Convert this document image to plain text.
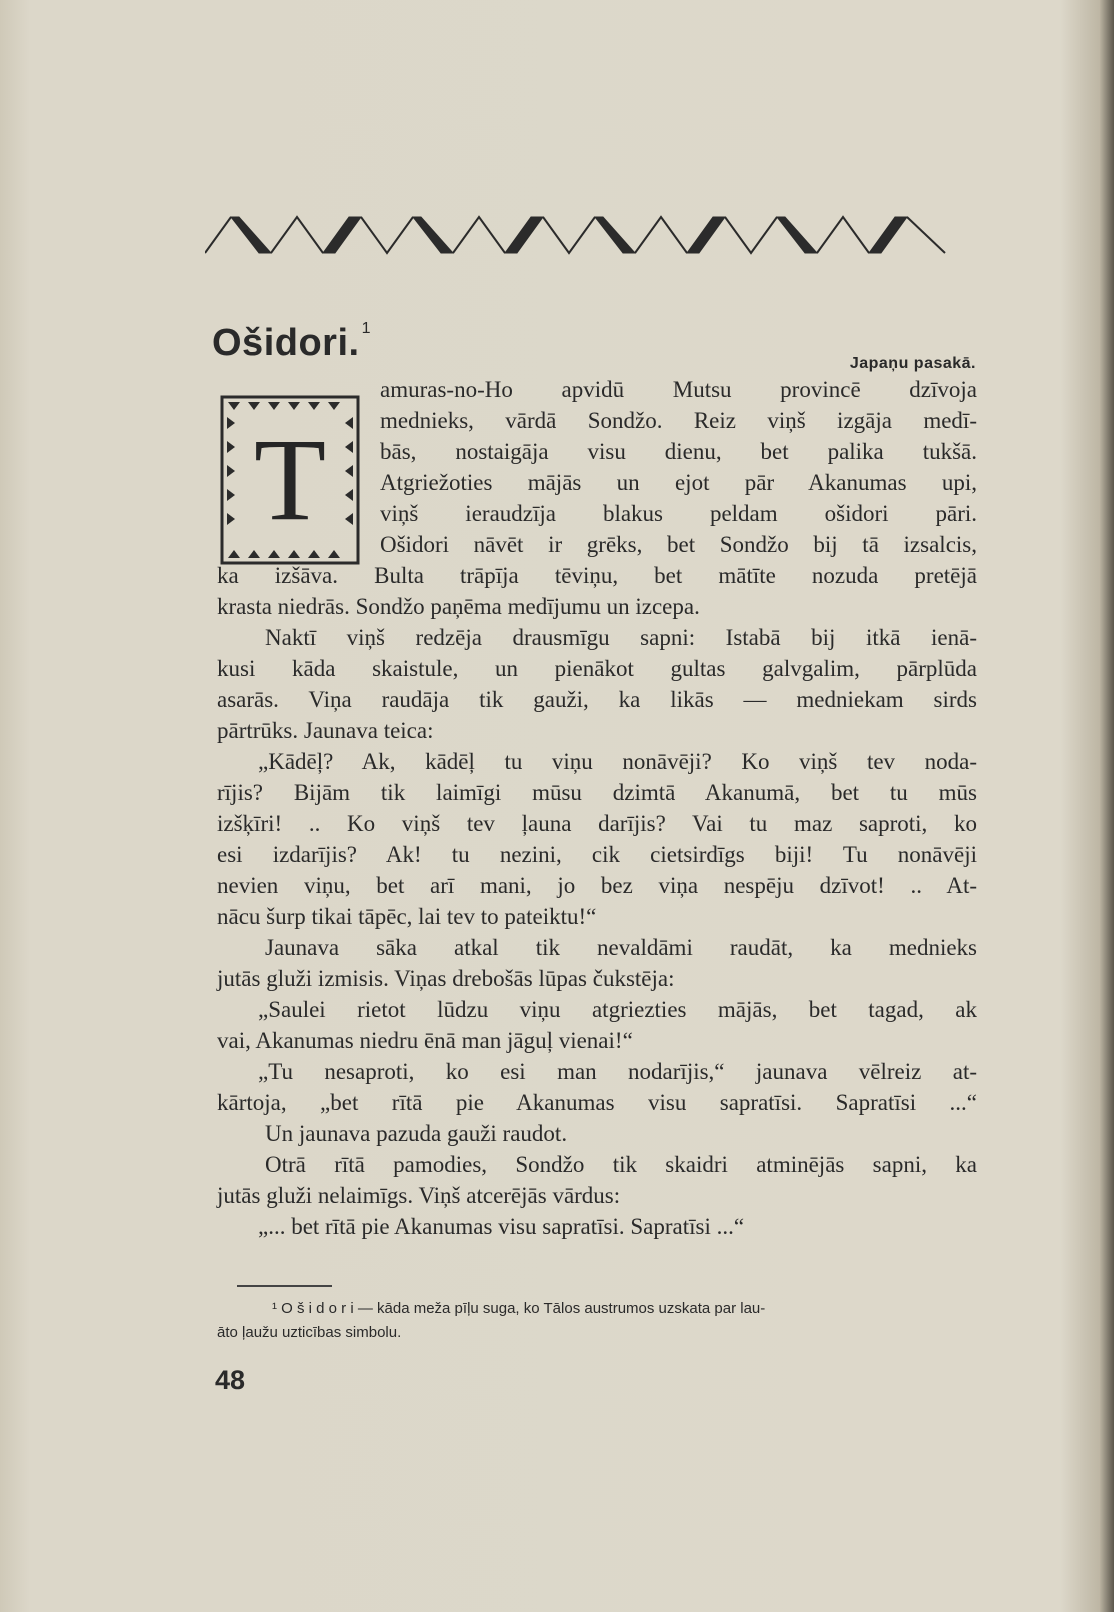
Ošidori. $^1$
Japaņu pasakā.
T
amuras-no-Ho apvidū Mutsu provincē dzīvoja
mednieks, vārdā Sondžo. Reiz viņš izgāja medī-
bās, nostaigāja visu dienu, bet palika tukšā.
Atgriežoties mājās un ejot pār Akanumas upi,
viņš ieraudzīja blakus peldam ošidori pāri.
Ošidori nāvēt ir grēks, bet Sondžo bij tā izsalcis,
ka izšāva. Bulta trāpīja tēviņu, bet mātīte nozuda pretējā
krasta niedrās. Sondžo paņēma medījumu un izcepa.
Naktī viņš redzēja drausmīgu sapni: Istabā bij itkā ienā-
kusi kāda skaistule, un pienākot gultas galvgalim, pārplūda
asarās. Viņa raudāja tik gauži, ka likās — medniekam sirds
pārtrūks. Jaunava teica:
„Kādēļ? Ak, kādēļ tu viņu nonāvēji? Ko viņš tev noda-
rījis? Bijām tik laimīgi mūsu dzimtā Akanumā, bet tu mūs
izšķīri! .. Ko viņš tev ļauna darījis? Vai tu maz saproti, ko
esi izdarījis? Ak! tu nezini, cik cietsirdīgs biji! Tu nonāvēji
nevien viņu, bet arī mani, jo bez viņa nespēju dzīvot! .. At-
nācu šurp tikai tāpēc, lai tev to pateiktu!“
Jaunava sāka atkal tik nevaldāmi raudāt, ka mednieks
jutās gluži izmisis. Viņas drebošās lūpas čukstēja:
„Saulei rietot lūdzu viņu atgriezties mājās, bet tagad, ak
vai, Akanumas niedru ēnā man jāguļ vienai!“
„Tu nesaproti, ko esi man nodarījis,“ jaunava vēlreiz at-
kārtoja, „bet rītā pie Akanumas visu sapratīsi. Sapratīsi ...“
Un jaunava pazuda gauži raudot.
Otrā rītā pamodies, Sondžo tik skaidri atminējās sapni, ka
jutās gluži nelaimīgs. Viņš atcerējās vārdus:
„... bet rītā pie Akanumas visu sapratīsi. Sapratīsi ...“
¹ O š i d o r i — kāda meža pīļu suga, ko Tālos austrumos uzskata par lau-
āto ļaužu uzticības simbolu.
48
